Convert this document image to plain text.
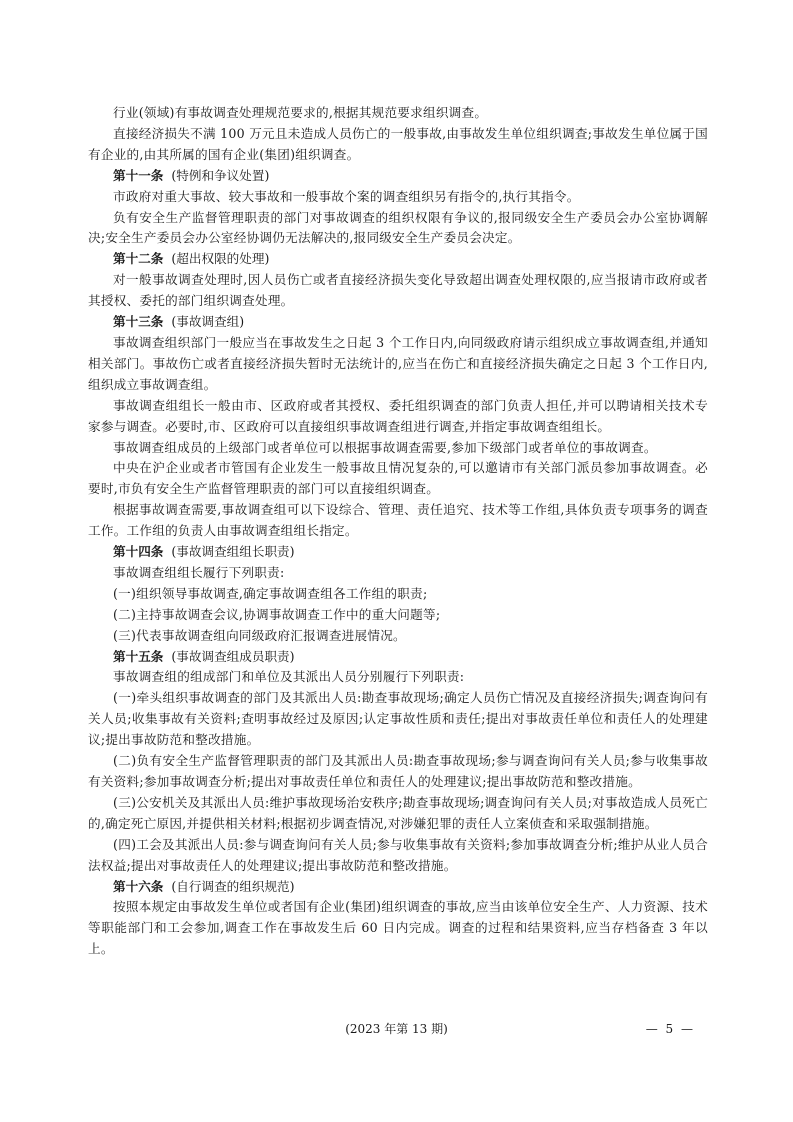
行业(领域)有事故调查处理规范要求的,根据其规范要求组织调查。

直接经济损失不满 100 万元且未造成人员伤亡的一般事故,由事故发生单位组织调查;事故发生单位属于国有企业的,由其所属的国有企业(集团)组织调查。

第十一条 (特例和争议处置)

市政府对重大事故、较大事故和一般事故个案的调查组织另有指令的,执行其指令。

负有安全生产监督管理职责的部门对事故调查的组织权限有争议的,报同级安全生产委员会办公室协调解决;安全生产委员会办公室经协调仍无法解决的,报同级安全生产委员会决定。

第十二条 (超出权限的处理)

对一般事故调查处理时,因人员伤亡或者直接经济损失变化导致超出调查处理权限的,应当报请市政府或者其授权、委托的部门组织调查处理。

第十三条 (事故调查组)

事故调查组织部门一般应当在事故发生之日起 3 个工作日内,向同级政府请示组织成立事故调查组,并通知相关部门。事故伤亡或者直接经济损失暂时无法统计的,应当在伤亡和直接经济损失确定之日起 3 个工作日内,组织成立事故调查组。

事故调查组组长一般由市、区政府或者其授权、委托组织调查的部门负责人担任,并可以聘请相关技术专家参与调查。必要时,市、区政府可以直接组织事故调查组进行调查,并指定事故调查组组长。

事故调查组成员的上级部门或者单位可以根据事故调查需要,参加下级部门或者单位的事故调查。

中央在沪企业或者市管国有企业发生一般事故且情况复杂的,可以邀请市有关部门派员参加事故调查。必要时,市负有安全生产监督管理职责的部门可以直接组织调查。

根据事故调查需要,事故调查组可以下设综合、管理、责任追究、技术等工作组,具体负责专项事务的调查工作。工作组的负责人由事故调查组组长指定。

第十四条 (事故调查组组长职责)

事故调查组组长履行下列职责:

(一)组织领导事故调查,确定事故调查组各工作组的职责;

(二)主持事故调查会议,协调事故调查工作中的重大问题等;

(三)代表事故调查组向同级政府汇报调查进展情况。

第十五条 (事故调查组成员职责)

事故调查组的组成部门和单位及其派出人员分别履行下列职责:

(一)牵头组织事故调查的部门及其派出人员:勘查事故现场;确定人员伤亡情况及直接经济损失;调查询问有关人员;收集事故有关资料;查明事故经过及原因;认定事故性质和责任;提出对事故责任单位和责任人的处理建议;提出事故防范和整改措施。

(二)负有安全生产监督管理职责的部门及其派出人员:勘查事故现场;参与调查询问有关人员;参与收集事故有关资料;参加事故调查分析;提出对事故责任单位和责任人的处理建议;提出事故防范和整改措施。

(三)公安机关及其派出人员:维护事故现场治安秩序;勘查事故现场;调查询问有关人员;对事故造成人员死亡的,确定死亡原因,并提供相关材料;根据初步调查情况,对涉嫌犯罪的责任人立案侦查和采取强制措施。

(四)工会及其派出人员:参与调查询问有关人员;参与收集事故有关资料;参加事故调查分析;维护从业人员合法权益;提出对事故责任人的处理建议;提出事故防范和整改措施。

第十六条 (自行调查的组织规范)

按照本规定由事故发生单位或者国有企业(集团)组织调查的事故,应当由该单位安全生产、人力资源、技术等职能部门和工会参加,调查工作在事故发生后 60 日内完成。调查的过程和结果资料,应当存档备查 3 年以上。

(2023 年第 13 期)	— 5 —
